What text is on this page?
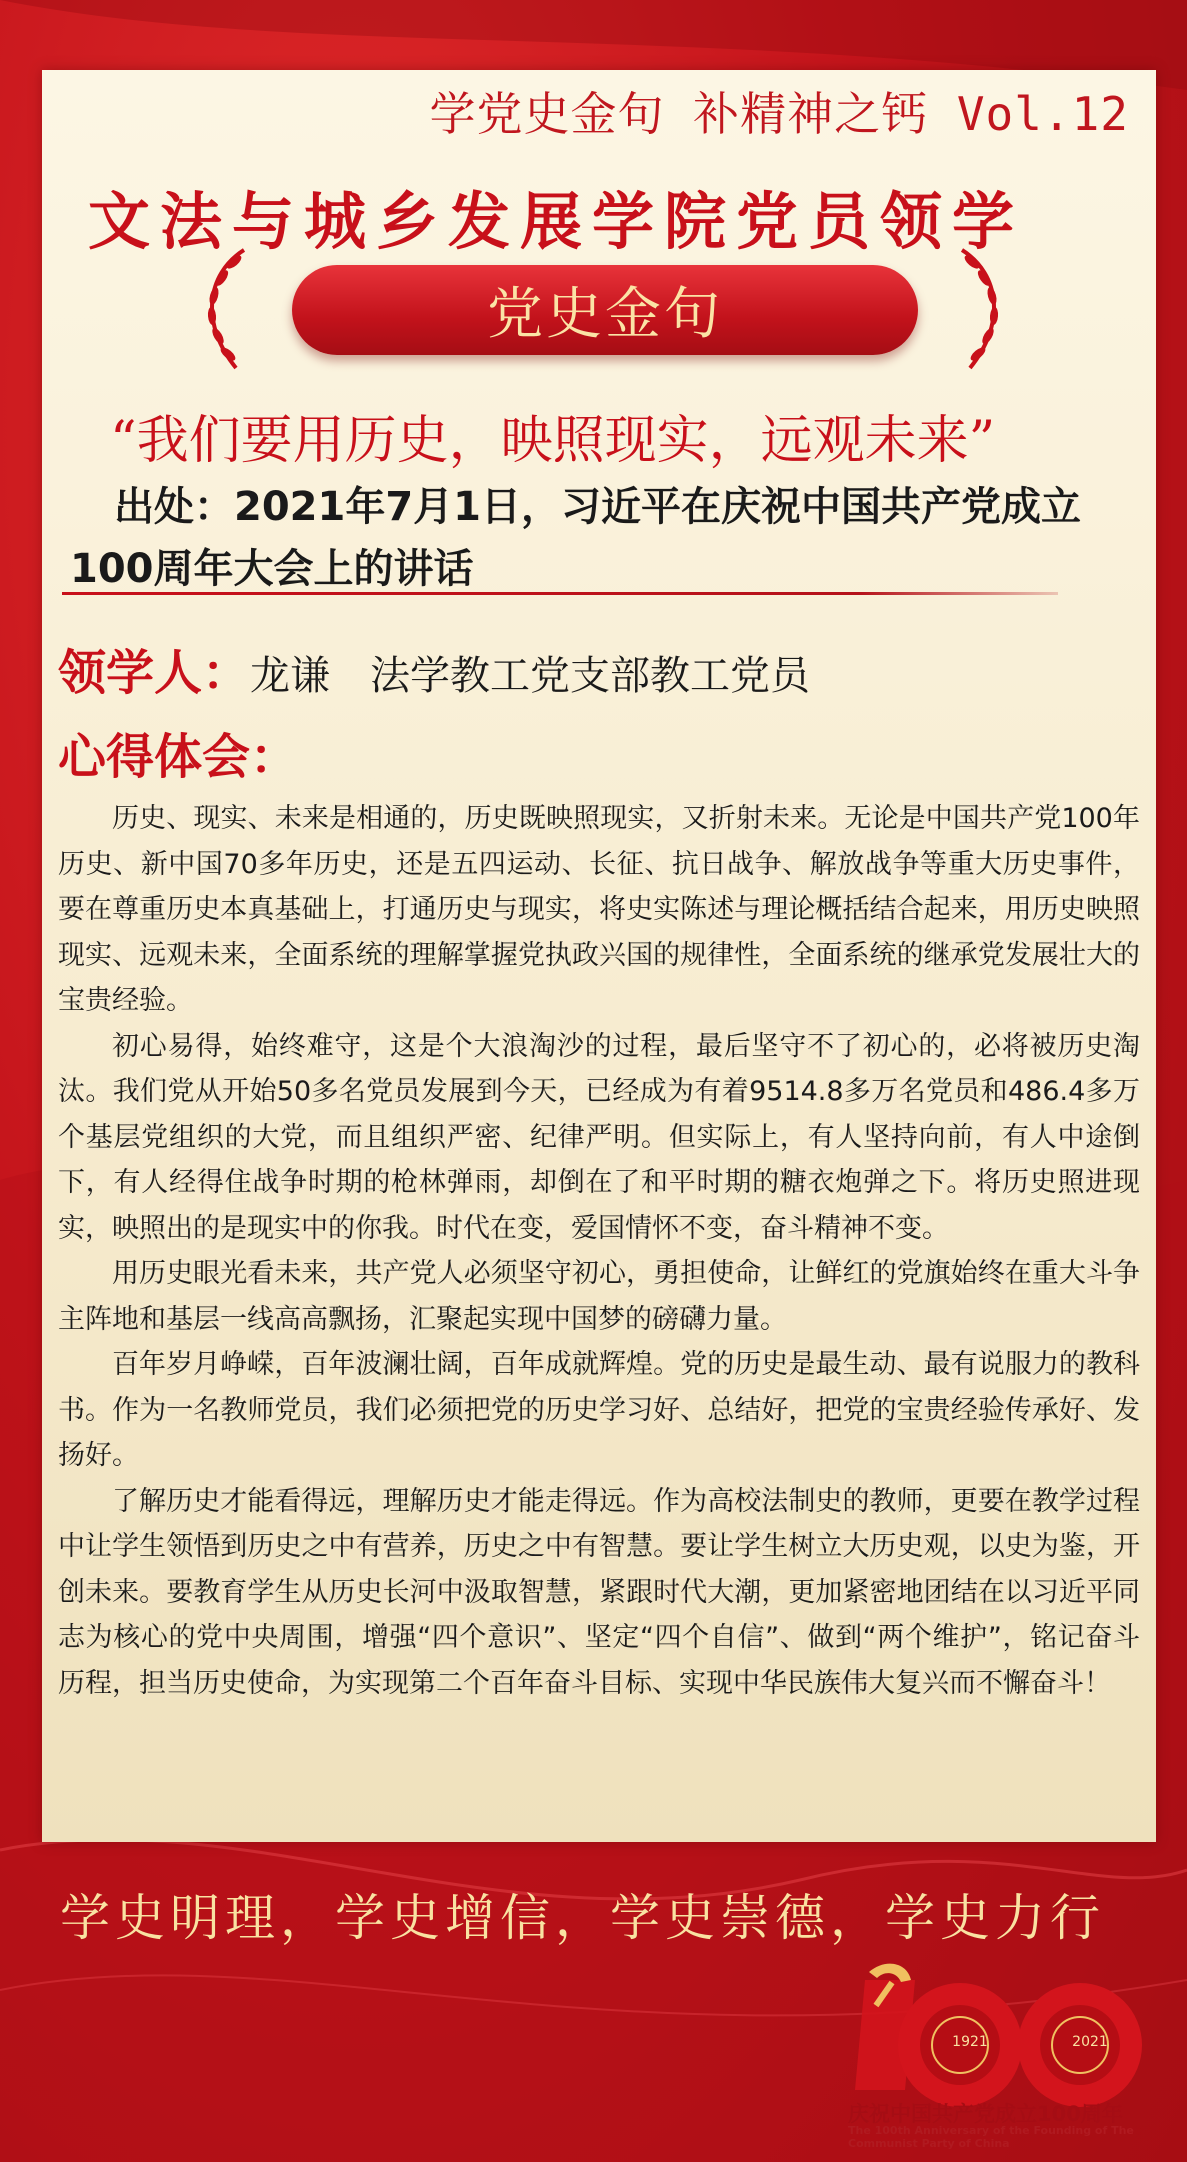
学党史金句 补精神之钙 Vol.12
文法与城乡发展学院党员领学
党史金句
“我们要用历史，映照现实，远观未来”
出处：2021年7月1日，习近平在庆祝中国共产党成立
100周年大会上的讲话
领学人：龙谦 法学教工党支部教工党员
心得体会：

历史、现实、未来是相通的，历史既映照现实，又折射未来。无论是中国共产党100年历史、新中国70多年历史，还是五四运动、长征、抗日战争、解放战争等重大历史事件，要在尊重历史本真基础上，打通历史与现实，将史实陈述与理论概括结合起来，用历史映照现实、远观未来，全面系统的理解掌握党执政兴国的规律性，全面系统的继承党发展壮大的宝贵经验。

初心易得，始终难守，这是个大浪淘沙的过程，最后坚守不了初心的，必将被历史淘汰。我们党从开始50多名党员发展到今天，已经成为有着9514.8多万名党员和486.4多万个基层党组织的大党，而且组织严密、纪律严明。但实际上，有人坚持向前，有人中途倒下，有人经得住战争时期的枪林弹雨，却倒在了和平时期的糖衣炮弹之下。将历史照进现实，映照出的是现实中的你我。时代在变，爱国情怀不变，奋斗精神不变。

用历史眼光看未来，共产党人必须坚守初心，勇担使命，让鲜红的党旗始终在重大斗争主阵地和基层一线高高飘扬，汇聚起实现中国梦的磅礴力量。

百年岁月峥嵘，百年波澜壮阔，百年成就辉煌。党的历史是最生动、最有说服力的教科书。作为一名教师党员，我们必须把党的历史学习好、总结好，把党的宝贵经验传承好、发扬好。

了解历史才能看得远，理解历史才能走得远。作为高校法制史的教师，更要在教学过程中让学生领悟到历史之中有营养，历史之中有智慧。要让学生树立大历史观，以史为鉴，开创未来。要教育学生从历史长河中汲取智慧，紧跟时代大潮，更加紧密地团结在以习近平同志为核心的党中央周围，增强“四个意识”、坚定“四个自信”、做到“两个维护”，铭记奋斗历程，担当历史使命，为实现第二个百年奋斗目标、实现中华民族伟大复兴而不懈奋斗！

学史明理，学史增信，学史崇德，学史力行
1921	2021
庆祝中国共产党成立100周年
The 100th Anniversary of the Founding of The Communist Party of China
